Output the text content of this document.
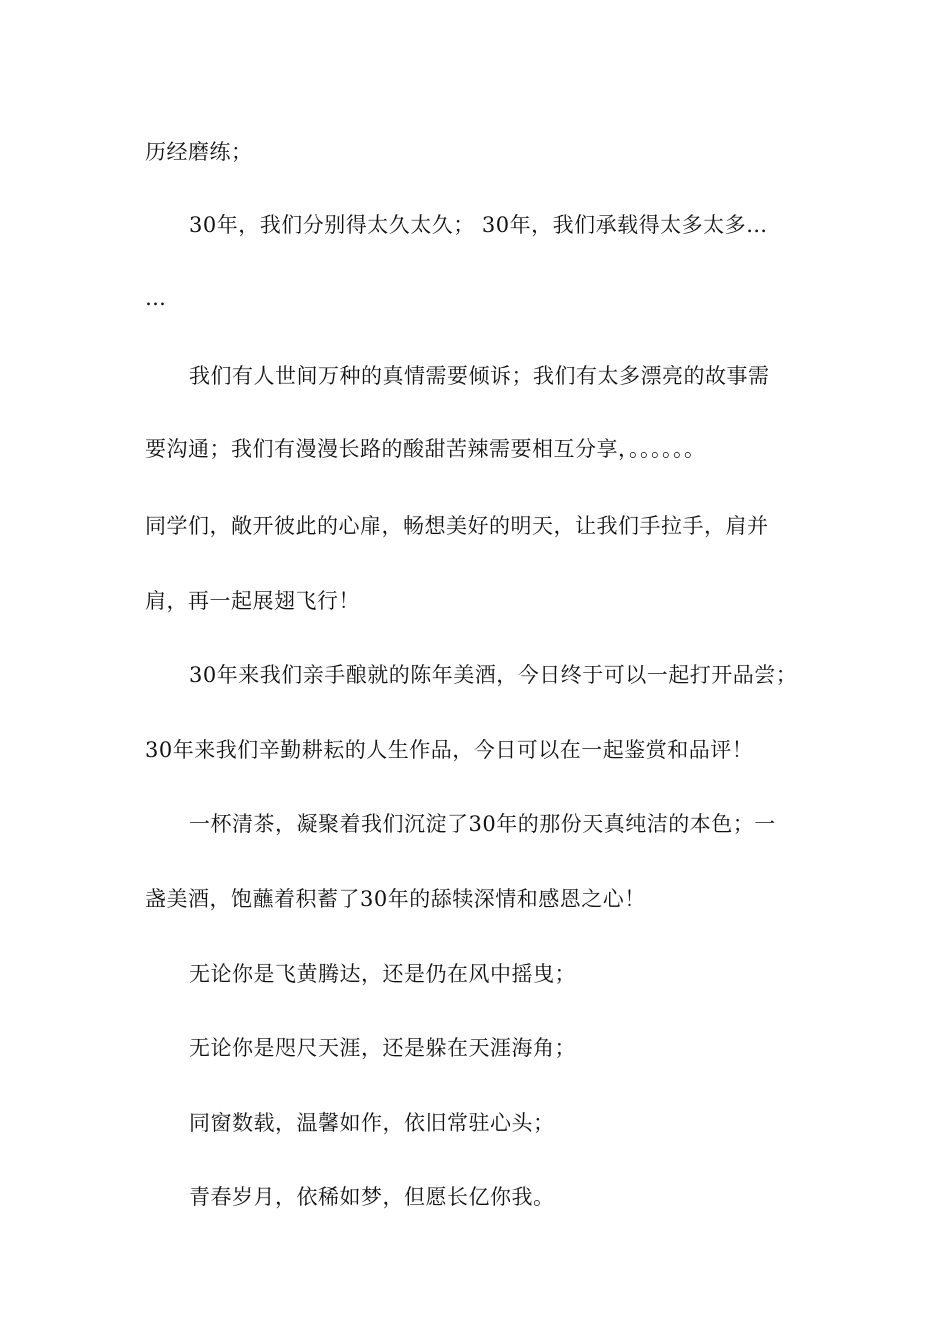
历经磨练；
30年，我们分别得太久太久； 30年，我们承载得太多太多…
…
我们有人世间万种的真情需要倾诉；我们有太多漂亮的故事需
要沟通；我们有漫漫长路的酸甜苦辣需要相互分享，。。。。。。
同学们，敞开彼此的心扉，畅想美好的明天，让我们手拉手，肩并
肩，再一起展翅飞行！
30年来我们亲手酿就的陈年美酒，今日终于可以一起打开品尝；
30年来我们辛勤耕耘的人生作品，今日可以在一起鉴赏和品评！
一杯清茶，凝聚着我们沉淀了30年的那份天真纯洁的本色；一
盏美酒，饱蘸着积蓄了30年的舔犊深情和感恩之心！
无论你是飞黄腾达，还是仍在风中摇曳；
无论你是咫尺天涯，还是躲在天涯海角；
同窗数载，温馨如作，依旧常驻心头；
青春岁月，依稀如梦，但愿长亿你我。
